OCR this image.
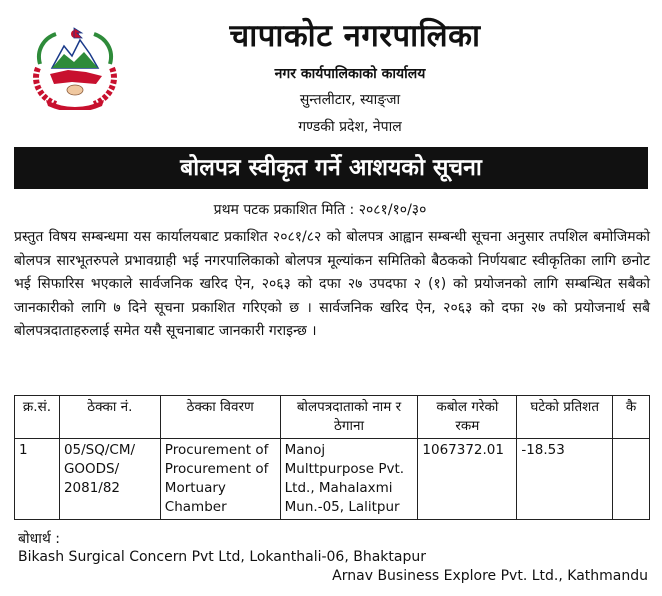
चापाकोट नगरपालिका
नगर कार्यपालिकाको कार्यालय
सुन्तलीटार, स्याङ्जा
गण्डकी प्रदेश, नेपाल
बोलपत्र स्वीकृत गर्ने आशयको सूचना
प्रथम पटक प्रकाशित मिति : २०८१/१०/३०

प्रस्तुत विषय सम्बन्धमा यस कार्यालयबाट प्रकाशित २०८१/८२ को बोलपत्र आह्वान सम्बन्धी सूचना अनुसार तपशिल बमोजिमको बोलपत्र सारभूतरुपले प्रभावग्राही भई नगरपालिकाको बोलपत्र मूल्यांकन समितिको बैठकको निर्णयबाट स्वीकृतिका लागि छनोट भई सिफारिस भएकाले सार्वजनिक खरिद ऐन, २०६३ को दफा २७ उपदफा २ (१) को प्रयोजनको लागि सम्बन्धित सबैको जानकारीको लागि ७ दिने सूचना प्रकाशित गरिएको छ । सार्वजनिक खरिद ऐन, २०६३ को दफा २७ को प्रयोजनार्थ सबै बोलपत्रदाताहरुलाई समेत यसै सूचनाबाट जानकारी गराइन्छ ।

क्र.सं.	ठेक्का नं.	ठेक्का विवरण	बोलपत्रदाताको नाम र ठेगाना	कबोल गरेको रकम	घटेको प्रतिशत	कै
1	05/SQ/CM/ GOODS/ 2081/82	Procurement of Procurement of Mortuary Chamber	Manoj Multtpurpose Pvt. Ltd., Mahalaxmi Mun.-05, Lalitpur	1067372.01	-18.53	
बोधार्थ :
Bikash Surgical Concern Pvt Ltd, Lokanthali-06, Bhaktapur
Arnav Business Explore Pvt. Ltd., Kathmandu
